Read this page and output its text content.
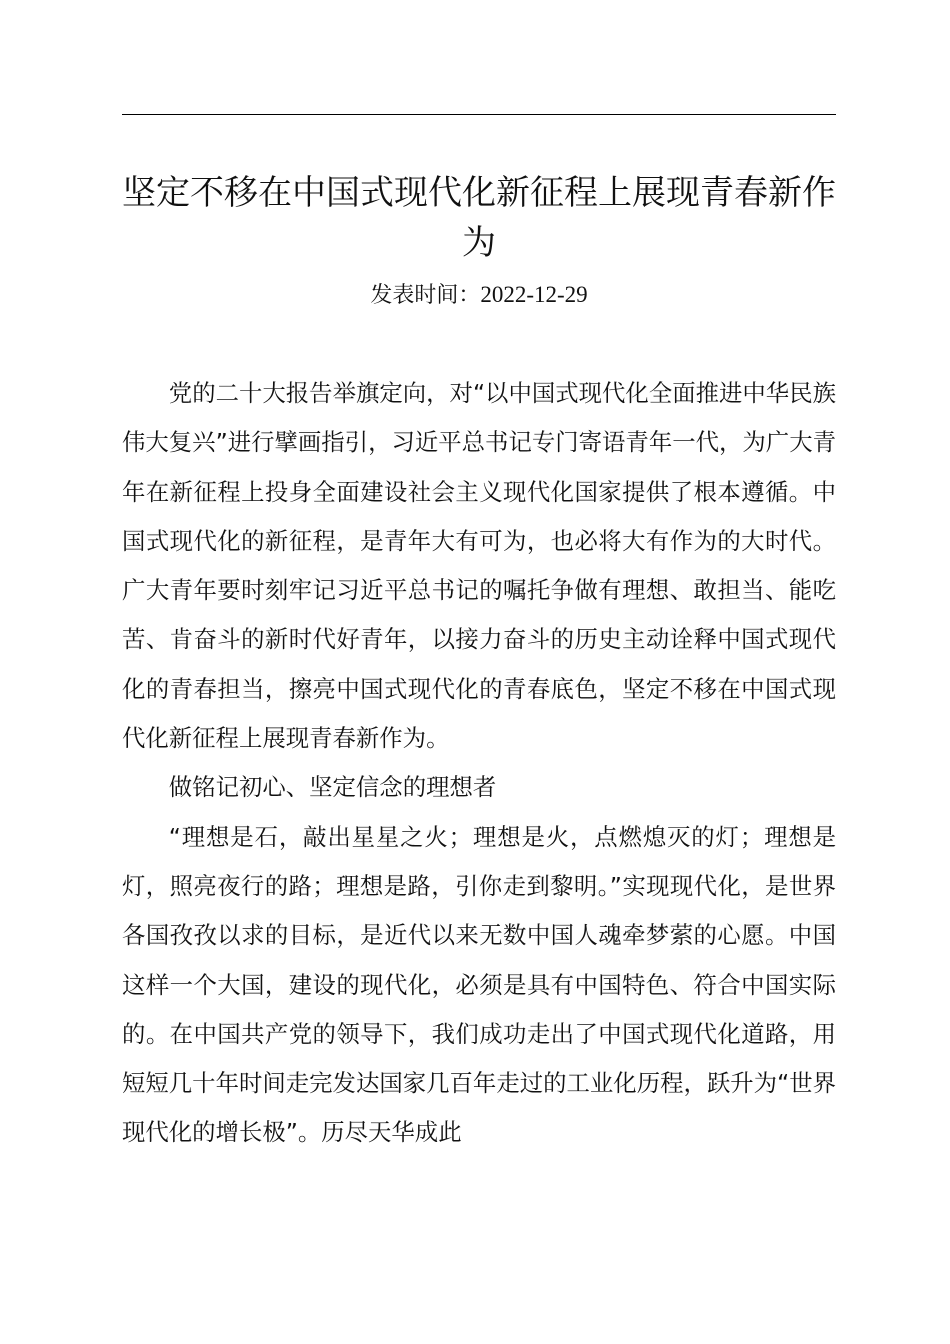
坚定不移在中国式现代化新征程上展现青春新作为
发表时间：2022-12-29

党的二十大报告举旗定向，对“以中国式现代化全面推进中华民族伟大复兴”进行擘画指引，习近平总书记专门寄语青年一代，为广大青年在新征程上投身全面建设社会主义现代化国家提供了根本遵循。中国式现代化的新征程，是青年大有可为，也必将大有作为的大时代。广大青年要时刻牢记习近平总书记的嘱托争做有理想、敢担当、能吃苦、肯奋斗的新时代好青年，以接力奋斗的历史主动诠释中国式现代化的青春担当，擦亮中国式现代化的青春底色，坚定不移在中国式现代化新征程上展现青春新作为。

做铭记初心、坚定信念的理想者

“理想是石，敲出星星之火；理想是火，点燃熄灭的灯；理想是灯，照亮夜行的路；理想是路，引你走到黎明。”实现现代化，是世界各国孜孜以求的目标，是近代以来无数中国人魂牵梦萦的心愿。中国这样一个大国，建设的现代化，必须是具有中国特色、符合中国实际的。在中国共产党的领导下，我们成功走出了中国式现代化道路，用短短几十年时间走完发达国家几百年走过的工业化历程，跃升为“世界现代化的增长极”。历尽天华成此
